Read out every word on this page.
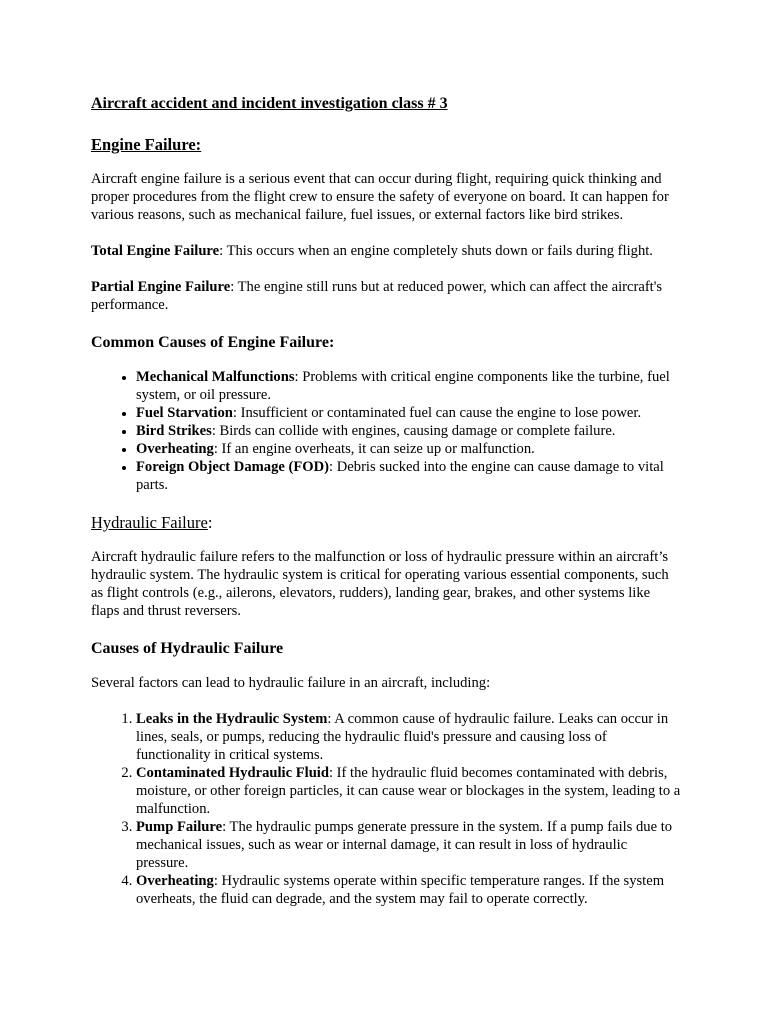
Aircraft accident and incident investigation class # 3
Engine Failure:

Aircraft engine failure is a serious event that can occur during flight, requiring quick thinking and proper procedures from the flight crew to ensure the safety of everyone on board. It can happen for various reasons, such as mechanical failure, fuel issues, or external factors like bird strikes.

Total Engine Failure: This occurs when an engine completely shuts down or fails during flight.

Partial Engine Failure: The engine still runs but at reduced power, which can affect the aircraft's performance.

Common Causes of Engine Failure:
• Mechanical Malfunctions: Problems with critical engine components like the turbine, fuel system, or oil pressure.
• Fuel Starvation: Insufficient or contaminated fuel can cause the engine to lose power.
• Bird Strikes: Birds can collide with engines, causing damage or complete failure.
• Overheating: If an engine overheats, it can seize up or malfunction.
• Foreign Object Damage (FOD): Debris sucked into the engine can cause damage to vital parts.
Hydraulic Failure:

Aircraft hydraulic failure refers to the malfunction or loss of hydraulic pressure within an aircraft’s hydraulic system. The hydraulic system is critical for operating various essential components, such as flight controls (e.g., ailerons, elevators, rudders), landing gear, brakes, and other systems like flaps and thrust reversers.

Causes of Hydraulic Failure

Several factors can lead to hydraulic failure in an aircraft, including:

1. Leaks in the Hydraulic System: A common cause of hydraulic failure. Leaks can occur in lines, seals, or pumps, reducing the hydraulic fluid's pressure and causing loss of functionality in critical systems.
2. Contaminated Hydraulic Fluid: If the hydraulic fluid becomes contaminated with debris, moisture, or other foreign particles, it can cause wear or blockages in the system, leading to a malfunction.
3. Pump Failure: The hydraulic pumps generate pressure in the system. If a pump fails due to mechanical issues, such as wear or internal damage, it can result in loss of hydraulic pressure.
4. Overheating: Hydraulic systems operate within specific temperature ranges. If the system overheats, the fluid can degrade, and the system may fail to operate correctly.
